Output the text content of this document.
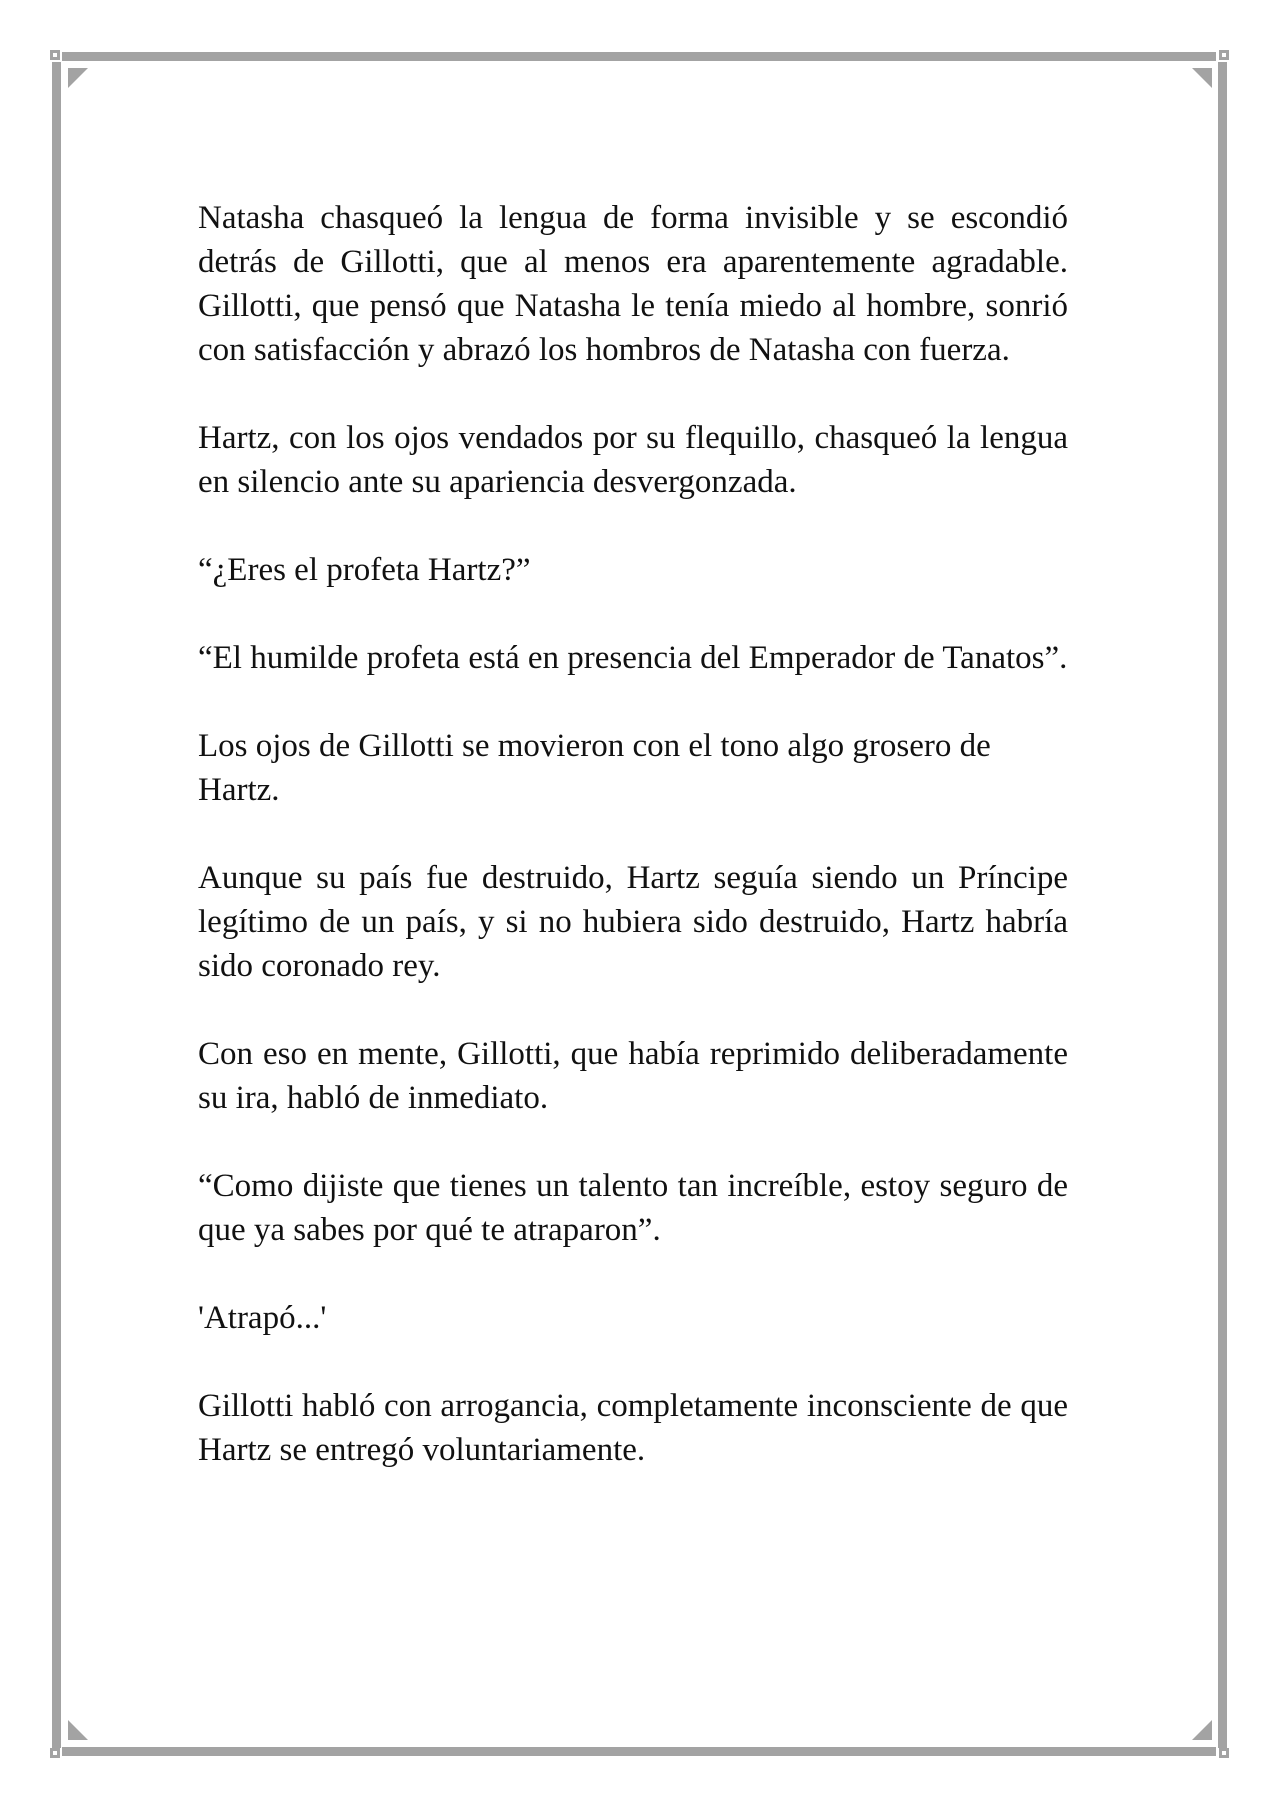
Natasha chasqueó la lengua de forma invisible y se escondió detrás de Gillotti, que al menos era aparentemente agradable. Gillotti, que pensó que Natasha le tenía miedo al hombre, sonrió con satisfacción y abrazó los hombros de Natasha con fuerza.

Hartz, con los ojos vendados por su flequillo, chasqueó la lengua en silencio ante su apariencia desvergonzada.

“¿Eres el profeta Hartz?”

“El humilde profeta está en presencia del Emperador de Tanatos”.

Los ojos de Gillotti se movieron con el tono algo grosero de Hartz.

Aunque su país fue destruido, Hartz seguía siendo un Príncipe legítimo de un país, y si no hubiera sido destruido, Hartz habría sido coronado rey.

Con eso en mente, Gillotti, que había reprimido deliberadamente su ira, habló de inmediato.

“Como dijiste que tienes un talento tan increíble, estoy seguro de que ya sabes por qué te atraparon”.

'Atrapó...'

Gillotti habló con arrogancia, completamente inconsciente de que Hartz se entregó voluntariamente.
